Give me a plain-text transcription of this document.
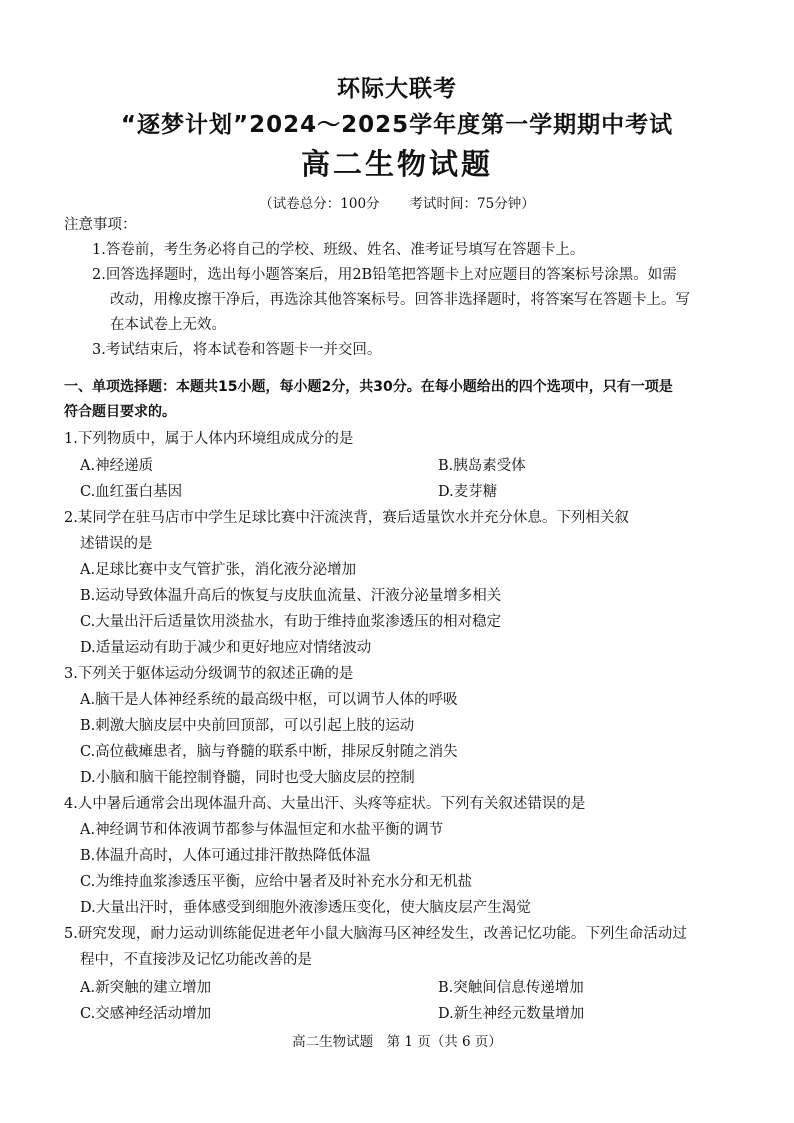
环际大联考
“逐梦计划”2024～2025学年度第一学期期中考试
高二生物试题
（试卷总分：100分 考试时间：75分钟）
注意事项：
1.答卷前，考生务必将自己的学校、班级、姓名、准考证号填写在答题卡上。
2.回答选择题时，选出每小题答案后，用2B铅笔把答题卡上对应题目的答案标号涂黑。如需
改动，用橡皮擦干净后，再选涂其他答案标号。回答非选择题时，将答案写在答题卡上。写
在本试卷上无效。
3.考试结束后，将本试卷和答题卡一并交回。
一、单项选择题：本题共15小题，每小题2分，共30分。在每小题给出的四个选项中，只有一项是
符合题目要求的。
1.下列物质中，属于人体内环境组成成分的是
A.神经递质	B.胰岛素受体
C.血红蛋白基因	D.麦芽糖
2.某同学在驻马店市中学生足球比赛中汗流浃背，赛后适量饮水并充分休息。下列相关叙
述错误的是
A.足球比赛中支气管扩张，消化液分泌增加
B.运动导致体温升高后的恢复与皮肤血流量、汗液分泌量增多相关
C.大量出汗后适量饮用淡盐水，有助于维持血浆渗透压的相对稳定
D.适量运动有助于减少和更好地应对情绪波动
3.下列关于躯体运动分级调节的叙述正确的是
A.脑干是人体神经系统的最高级中枢，可以调节人体的呼吸
B.刺激大脑皮层中央前回顶部，可以引起上肢的运动
C.高位截瘫患者，脑与脊髓的联系中断，排尿反射随之消失
D.小脑和脑干能控制脊髓，同时也受大脑皮层的控制
4.人中暑后通常会出现体温升高、大量出汗、头疼等症状。下列有关叙述错误的是
A.神经调节和体液调节都参与体温恒定和水盐平衡的调节
B.体温升高时，人体可通过排汗散热降低体温
C.为维持血浆渗透压平衡，应给中暑者及时补充水分和无机盐
D.大量出汗时，垂体感受到细胞外液渗透压变化，使大脑皮层产生渴觉
5.研究发现，耐力运动训练能促进老年小鼠大脑海马区神经发生，改善记忆功能。下列生命活动过
程中，不直接涉及记忆功能改善的是
A.新突触的建立增加	B.突触间信息传递增加
C.交感神经活动增加	D.新生神经元数量增加
高二生物试题　第 1 页（共 6 页）
